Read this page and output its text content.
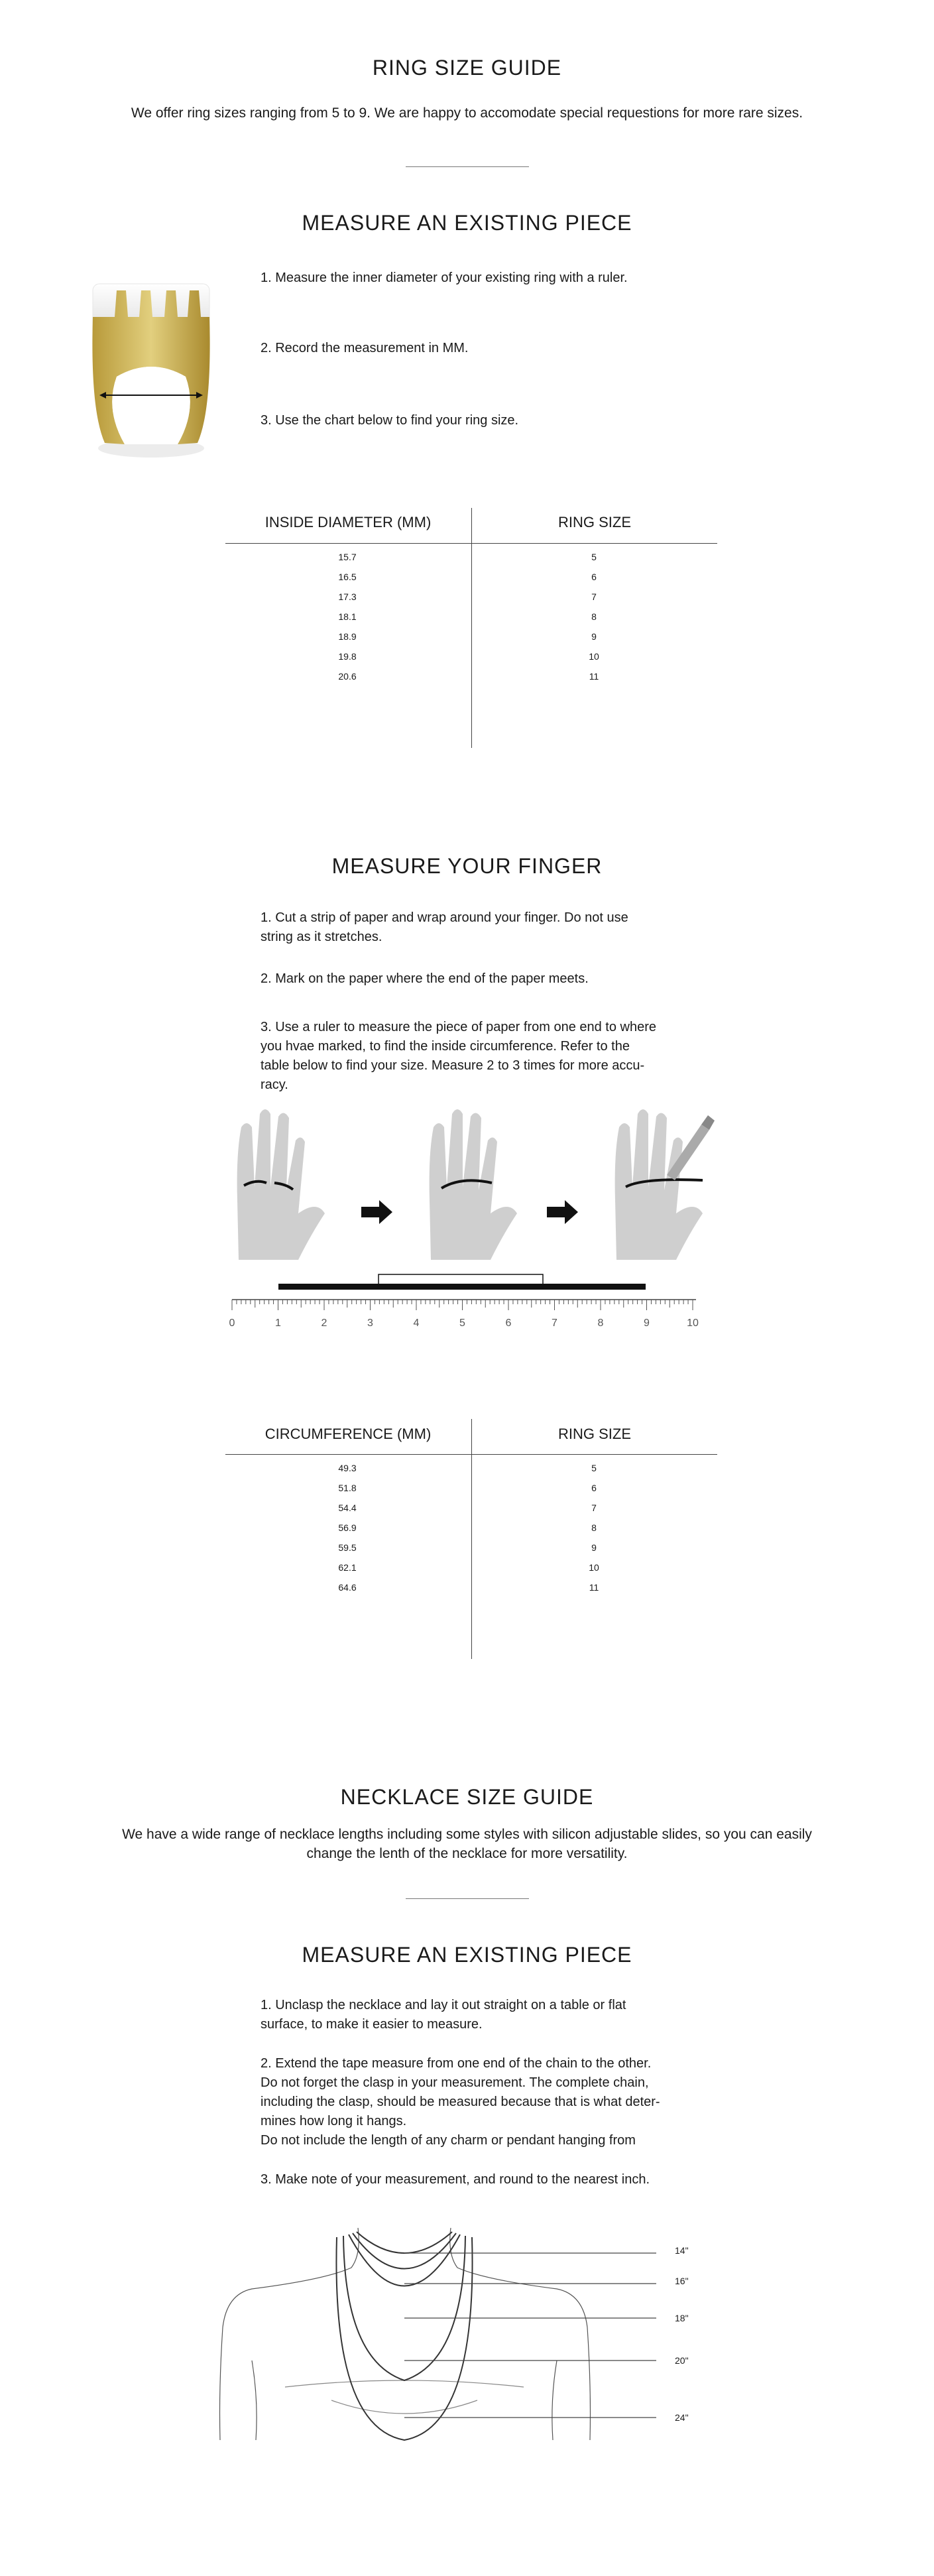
RING SIZE GUIDE
We offer ring sizes ranging from 5 to 9. We are happy to accomodate special requestions for more rare sizes.
MEASURE AN EXISTING PIECE
1. Measure the inner diameter of your existing ring with a ruler.
2. Record the measurement in MM.
3. Use the chart below to find your ring size.
INSIDE DIAMETER (MM)	RING SIZE
15.7	5
16.5	6
17.3	7
18.1	8
18.9	9
19.8	10
20.6	11
MEASURE YOUR FINGER
1. Cut a strip of paper and wrap around your finger. Do not use
string as it stretches.
2. Mark on the paper where the end of the paper meets.
3. Use a ruler to measure the piece of paper from one end to where
you hvae marked, to find the inside circumference. Refer to the
table below to find your size. Measure 2 to 3 times for more accu-
racy.
0	1	2	3	4	5	6	7	8	9	10
CIRCUMFERENCE (MM)	RING SIZE
49.3	5
51.8	6
54.4	7
56.9	8
59.5	9
62.1	10
64.6	11
NECKLACE SIZE GUIDE
We have a wide range of necklace lengths including some styles with silicon adjustable slides, so you can easily
change the lenth of the necklace for more versatility.
MEASURE AN EXISTING PIECE
1. Unclasp the necklace and lay it out straight on a table or flat
surface, to make it easier to measure.
2. Extend the tape measure from one end of the chain to the other.
Do not forget the clasp in your measurement. The complete chain,
including the clasp, should be measured because that is what deter-
mines how long it hangs.
Do not include the length of any charm or pendant hanging from
3. Make note of your measurement, and round to the nearest inch.
14"
16"
18"
20"
24"
